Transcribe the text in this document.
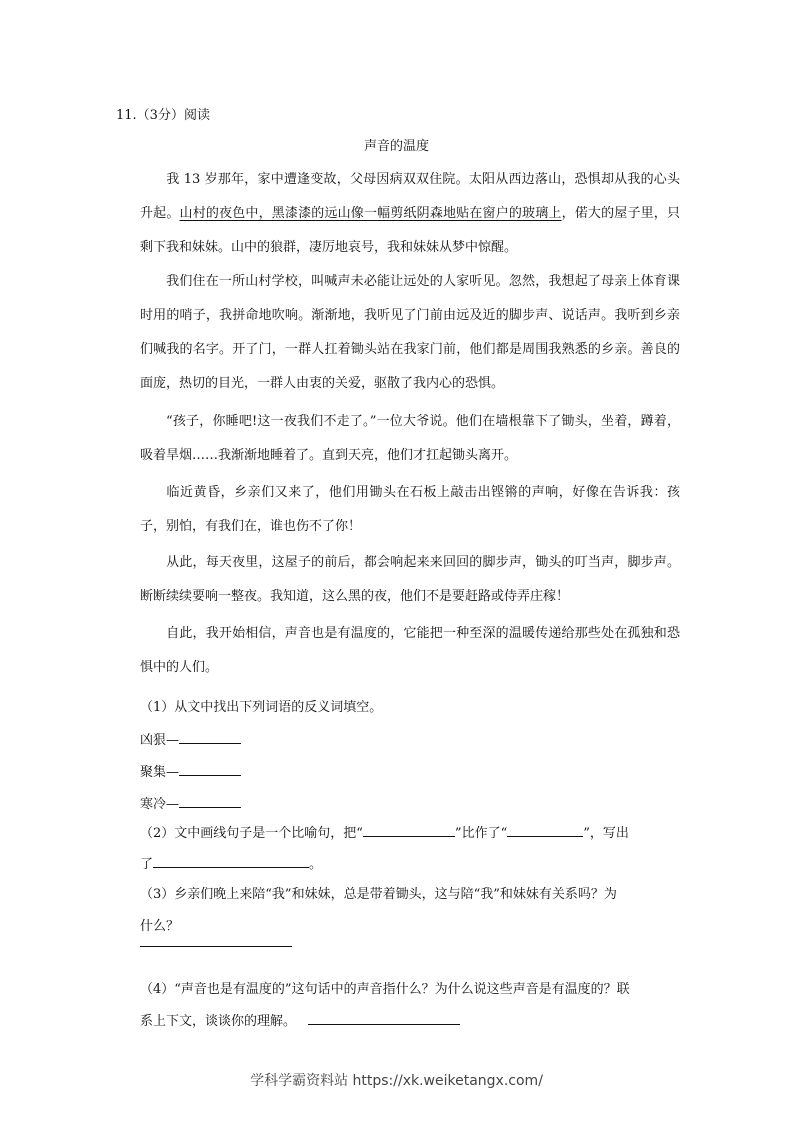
11.（3分）阅读
声音的温度
我 13 岁那年，家中遭逢变故，父母因病双双住院。太阳从西边落山，恐惧却从我的心头升起。山村的夜色中，黑漆漆的远山像一幅剪纸阴森地贴在窗户的玻璃上，偌大的屋子里，只剩下我和妹妹。山中的狼群，凄厉地哀号，我和妹妹从梦中惊醒。
我们住在一所山村学校，叫喊声未必能让远处的人家听见。忽然，我想起了母亲上体育课时用的哨子，我拼命地吹响。渐渐地，我听见了门前由远及近的脚步声、说话声。我听到乡亲们喊我的名字。开了门，一群人扛着锄头站在我家门前，他们都是周围我熟悉的乡亲。善良的面庞，热切的目光，一群人由衷的关爱，驱散了我内心的恐惧。
“孩子，你睡吧!这一夜我们不走了。”一位大爷说。他们在墙根靠下了锄头，坐着，蹲着，吸着旱烟……我渐渐地睡着了。直到天亮，他们才扛起锄头离开。
临近黄昏，乡亲们又来了，他们用锄头在石板上敲击出铿锵的声响，好像在告诉我：孩子，别怕，有我们在，谁也伤不了你！
从此，每天夜里，这屋子的前后，都会响起来来回回的脚步声，锄头的叮当声，脚步声。断断续续要响一整夜。我知道，这么黑的夜，他们不是要赶路或侍弄庄稼！
自此，我开始相信，声音也是有温度的，它能把一种至深的温暖传递给那些处在孤独和恐惧中的人们。
（1）从文中找出下列词语的反义词填空。
凶狠—
聚集—
寒冷—
（2）文中画线句子是一个比喻句，把“	”比作了“	”，写出
了	。
（3）乡亲们晚上来陪“我”和妹妹，总是带着锄头，这与陪“我”和妹妹有关系吗？为
什么？
（4）“声音也是有温度的”这句话中的声音指什么？为什么说这些声音是有温度的？联
系上下文，谈谈你的理解。
学科学霸资料站 https://xk.weiketangx.com/
